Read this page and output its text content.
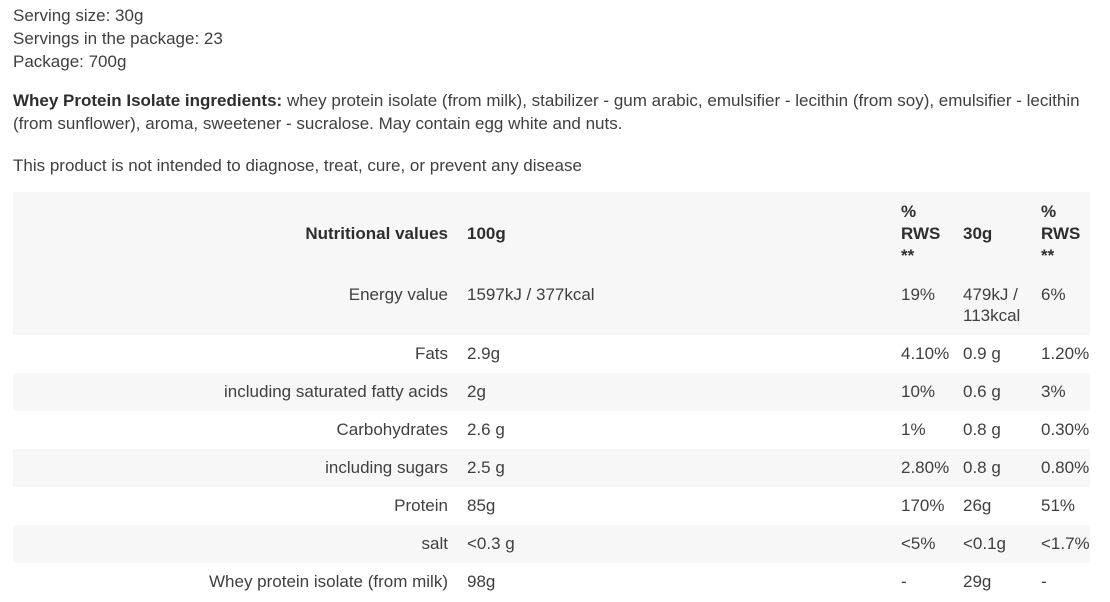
Serving size: 30g
Servings in the package: 23
Package: 700g

Whey Protein Isolate ingredients: whey protein isolate (from milk), stabilizer - gum arabic, emulsifier - lecithin (from soy), emulsifier - lecithin (from sunflower), aroma, sweetener - sucralose. May contain egg white and nuts.

This product is not intended to diagnose, treat, cure, or prevent any disease

Nutritional values	100g	% RWS **	30g	% RWS **
Energy value	1597kJ / 377kcal	19%	479kJ / 113kcal	6%
Fats	2.9g	4.10%	0.9 g	1.20%
including saturated fatty acids	2g	10%	0.6 g	3%
Carbohydrates	2.6 g	1%	0.8 g	0.30%
including sugars	2.5 g	2.80%	0.8 g	0.80%
Protein	85g	170%	26g	51%
salt	<0.3 g	<5%	<0.1g	<1.7%
Whey protein isolate (from milk)	98g	-	29g	-
